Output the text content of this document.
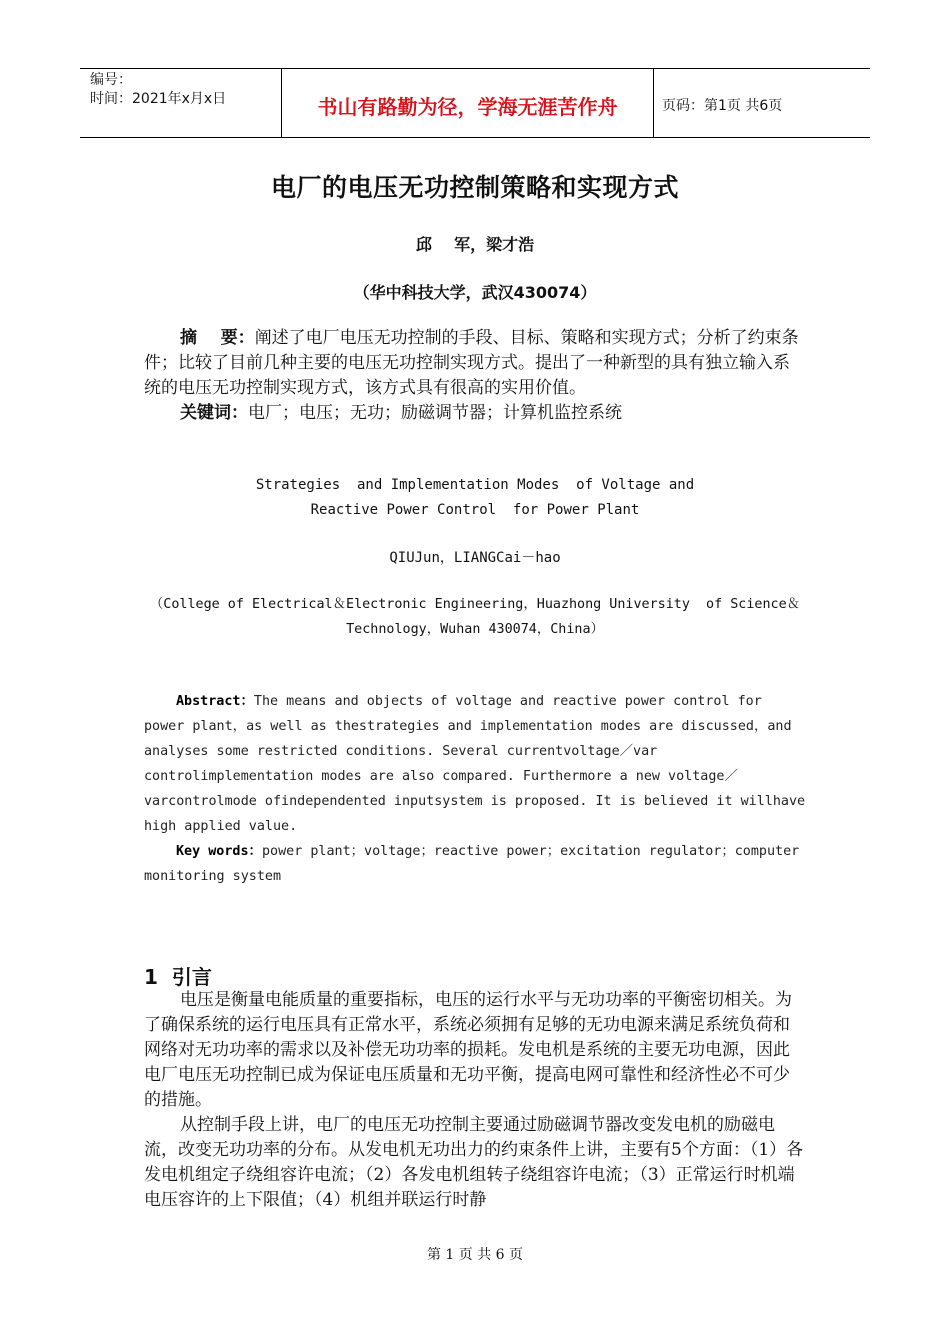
编号：
时间：2021年x月x日	书山有路勤为径，学海无涯苦作舟	页码：第1页 共6页
电厂的电压无功控制策略和实现方式
邱    军，梁才浩
（华中科技大学，武汉430074）
摘    要：阐述了电厂电压无功控制的手段、目标、策略和实现方式；分析了约束条件；比较了目前几种主要的电压无功控制实现方式。提出了一种新型的具有独立输入系统的电压无功控制实现方式，该方式具有很高的实用价值。
关键词：电厂；电压；无功；励磁调节器；计算机监控系统
Strategies  and Implementation Modes  of Voltage and
Reactive Power Control  for Power Plant
QIUJun，LIANGCai－hao
（College of Electrical＆Electronic Engineering，Huazhong University  of Science＆
Technology，Wuhan 430074，China）
Abstract：The means and objects of voltage and reactive power control for power plant，as well as thestrategies and implementation modes are discussed，and analyses some restricted conditions. Several currentvoltage／var controlimplementation modes are also compared. Furthermore a new voltage／varcontrolmode ofindependented inputsystem is proposed. It is believed it willhave high applied value.
Key words：power plant；voltage；reactive power；excitation regulator；computer monitoring system
1 引言

电压是衡量电能质量的重要指标，电压的运行水平与无功功率的平衡密切相关。为了确保系统的运行电压具有正常水平，系统必须拥有足够的无功电源来满足系统负荷和网络对无功功率的需求以及补偿无功功率的损耗。发电机是系统的主要无功电源，因此电厂电压无功控制已成为保证电压质量和无功平衡，提高电网可靠性和经济性必不可少的措施。

从控制手段上讲，电厂的电压无功控制主要通过励磁调节器改变发电机的励磁电流，改变无功功率的分布。从发电机无功出力的约束条件上讲，主要有5个方面：（1）各发电机组定子绕组容许电流；（2）各发电机组转子绕组容许电流；（3）正常运行时机端电压容许的上下限值；（4）机组并联运行时静

第 1 页 共 6 页
